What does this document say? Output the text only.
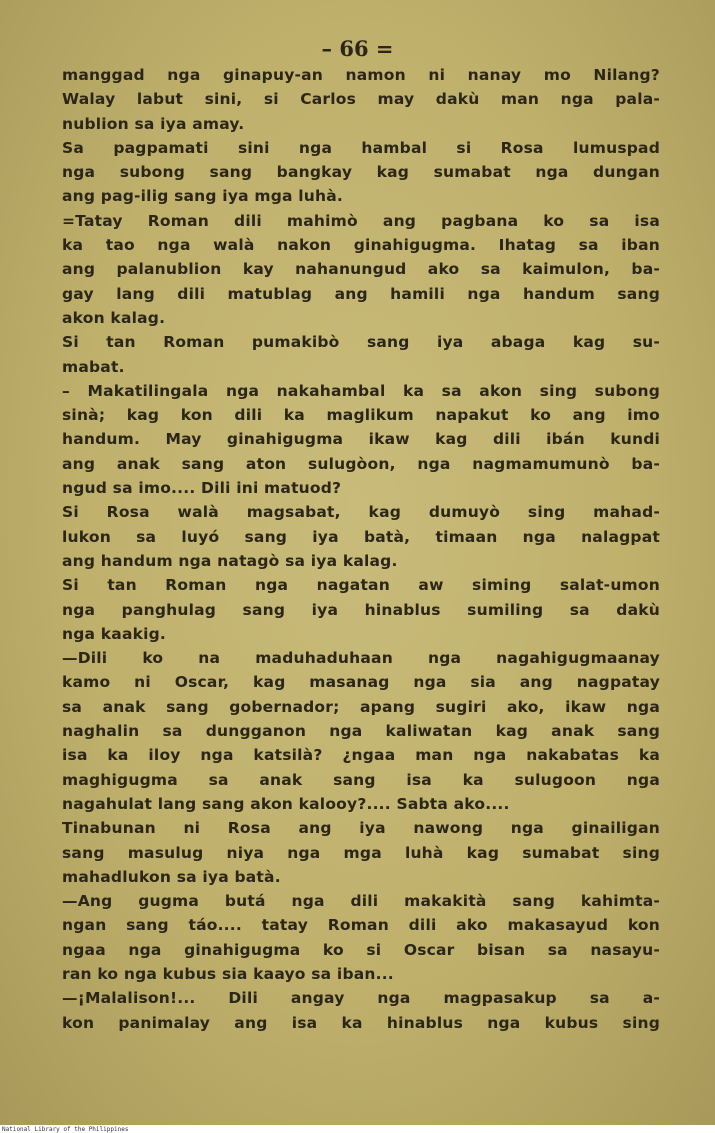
– 66 =
manggad nga ginapuy-an namon ni nanay mo Nilang?
Walay labut sini, si Carlos may dakù man nga pala-
nublion sa iya amay.
Sa pagpamati sini nga hambal si Rosa lumuspad
nga subong sang bangkay kag sumabat nga dungan
ang pag-ilig sang iya mga luhà.
=Tatay Roman dili mahimò ang pagbana ko sa isa
ka tao nga walà nakon ginahigugma. Ihatag sa iban
ang palanublion kay nahanungud ako sa kaimulon, ba-
gay lang dili matublag ang hamili nga handum sang
akon kalag.
Si tan Roman pumakibò sang iya abaga kag su-
mabat.
– Makatilingala nga nakahambal ka sa akon sing subong
sinà; kag kon dili ka maglikum napakut ko ang imo
handum. May ginahigugma ikaw kag dili ibán kundi
ang anak sang aton sulugòon, nga nagmamumunò ba-
ngud sa imo.... Dili ini matuod?
Si Rosa walà magsabat, kag dumuyò sing mahad-
lukon sa luyó sang iya batà, timaan nga nalagpat
ang handum nga natagò sa iya kalag.
Si tan Roman nga nagatan aw siming salat-umon
nga panghulag sang iya hinablus sumiling sa dakù
nga kaakig.
—Dili ko na maduhaduhaan nga nagahigugmaanay
kamo ni Oscar, kag masanag nga sia ang nagpatay
sa anak sang gobernador; apang sugiri ako, ikaw nga
naghalin sa dungganon nga kaliwatan kag anak sang
isa ka iloy nga katsilà? ¿ngaa man nga nakabatas ka
maghigugma sa anak sang isa ka sulugoon nga
nagahulat lang sang akon kalooy?.... Sabta ako....
Tinabunan ni Rosa ang iya nawong nga ginailigan
sang masulug niya nga mga luhà kag sumabat sing
mahadlukon sa iya batà.
—Ang gugma butá nga dili makakità sang kahimta-
ngan sang táo.... tatay Roman dili ako makasayud kon
ngaa nga ginahigugma ko si Oscar bisan sa nasayu-
ran ko nga kubus sia kaayo sa iban...
—¡Malalison!... Dili angay nga magpasakup sa a-
kon panimalay ang isa ka hinablus nga kubus sing
National Library of the Philippines
